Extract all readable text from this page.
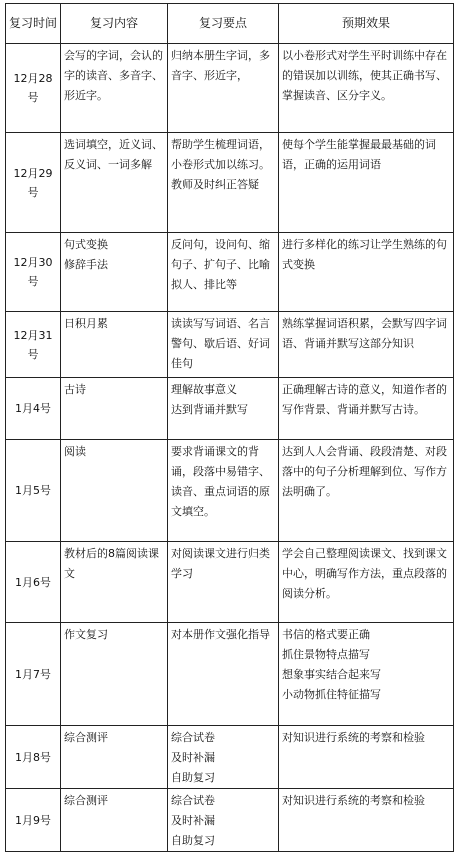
复习时间	复习内容	复习要点	预期效果
12月28号	会写的字词，会认的字的读音、多音字、形近字。	归纳本册生字词，多音字、形近字，	以小卷形式对学生平时训练中存在的错误加以训练，使其正确书写、掌握读音、区分字义。

12月29号	选词填空，近义词、反义词、一词多解	帮助学生梳理词语，
小卷形式加以练习。
教师及时纠正答疑	使每个学生能掌握最最基础的词语，正确的运用词语

12月30号	句式变换
修辞手法	反问句，设问句、缩句子、扩句子、比喻
拟人、排比等	进行多样化的练习让学生熟练的句式变换

12月31号	日积月累	读读写写词语、名言警句、歇后语、好词佳句	熟练掌握词语积累，会默写四字词语、背诵并默写这部分知识

1月4号	古诗	理解故事意义
达到背诵并默写	正确理解古诗的意义，知道作者的写作背景、背诵并默写古诗。

1月5号	阅读	要求背诵课文的背诵，段落中易错字、读音、重点词语的原文填空。	达到人人会背诵、段段清楚、对段落中的句子分析理解到位、写作方法明确了。

1月6号	教材后的8篇阅读课文	对阅读课文进行归类学习	学会自己整理阅读课文、找到课文中心，明确写作方法，重点段落的阅读分析。

1月7号	作文复习	对本册作文强化指导	书信的格式要正确
抓住景物特点描写
想象事实结合起来写
小动物抓住特征描写

1月8号	综合测评	综合试卷
及时补漏
自助复习	对知识进行系统的考察和检验

1月9号	综合测评	综合试卷
及时补漏
自助复习	对知识进行系统的考察和检验
